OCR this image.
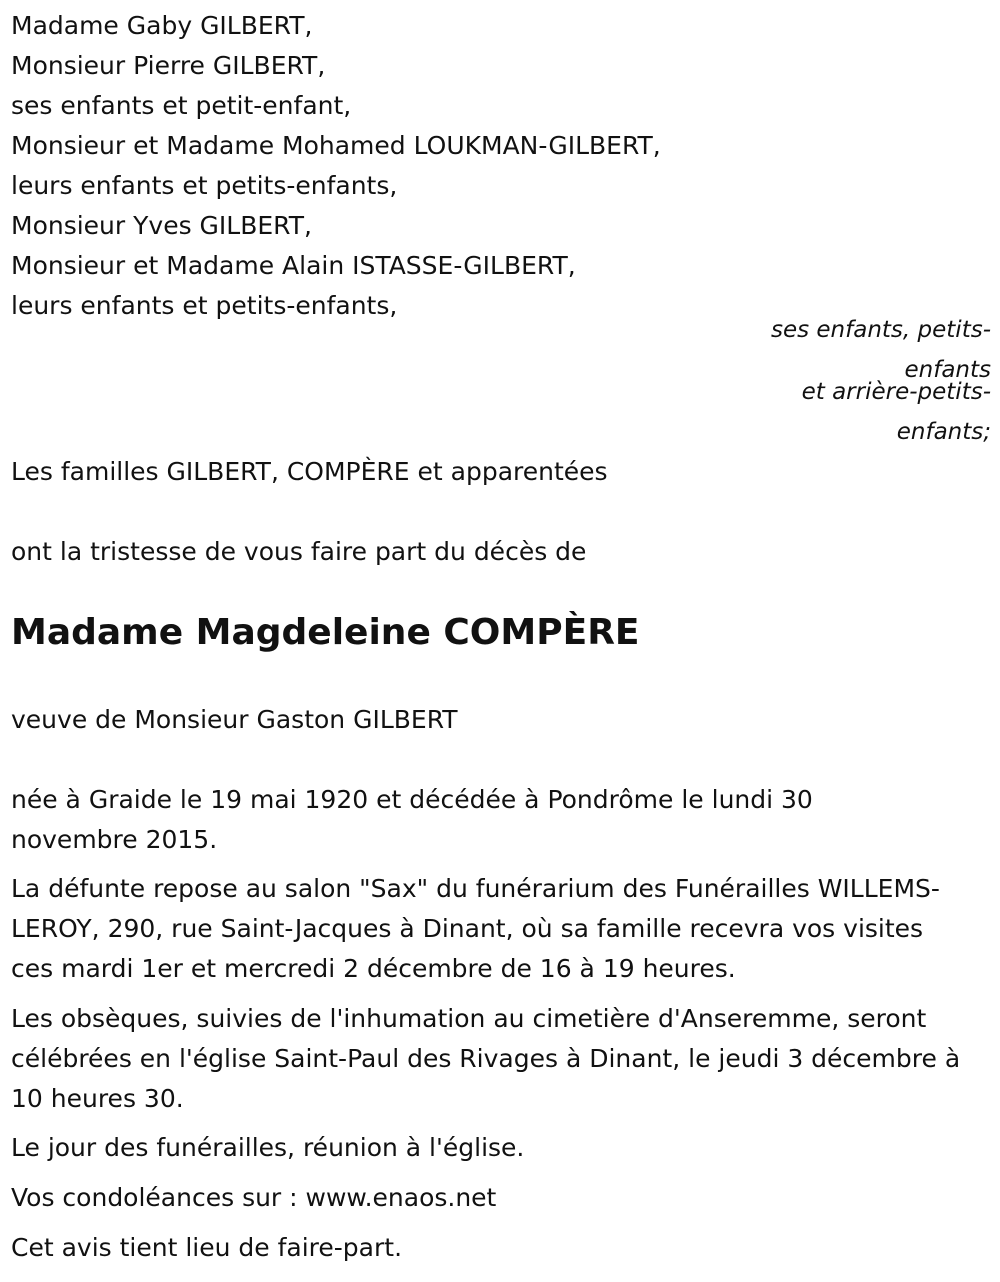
Madame Gaby GILBERT,
Monsieur Pierre GILBERT,
ses enfants et petit-enfant,
Monsieur et Madame Mohamed LOUKMAN-GILBERT,
leurs enfants et petits-enfants,
Monsieur Yves GILBERT,
Monsieur et Madame Alain ISTASSE-GILBERT,
leurs enfants et petits-enfants,
ses enfants, petits-enfants
et arrière-petits-enfants;
Les familles GILBERT, COMPÈRE et apparentées
ont la tristesse de vous faire part du décès de
Madame Magdeleine COMPÈRE
veuve de Monsieur Gaston GILBERT
née à Graide le 19 mai 1920 et décédée à Pondrôme le lundi 30 novembre 2015.
La défunte repose au salon "Sax" du funérarium des Funérailles WILLEMS-LEROY, 290, rue Saint-Jacques à Dinant, où sa famille recevra vos visites ces mardi 1er et mercredi 2 décembre de 16 à 19 heures.
Les obsèques, suivies de l'inhumation au cimetière d'Anseremme, seront célébrées en l'église Saint-Paul des Rivages à Dinant, le jeudi 3 décembre à 10 heures 30.
Le jour des funérailles, réunion à l'église.
Vos condoléances sur : www.enaos.net
Cet avis tient lieu de faire-part.
